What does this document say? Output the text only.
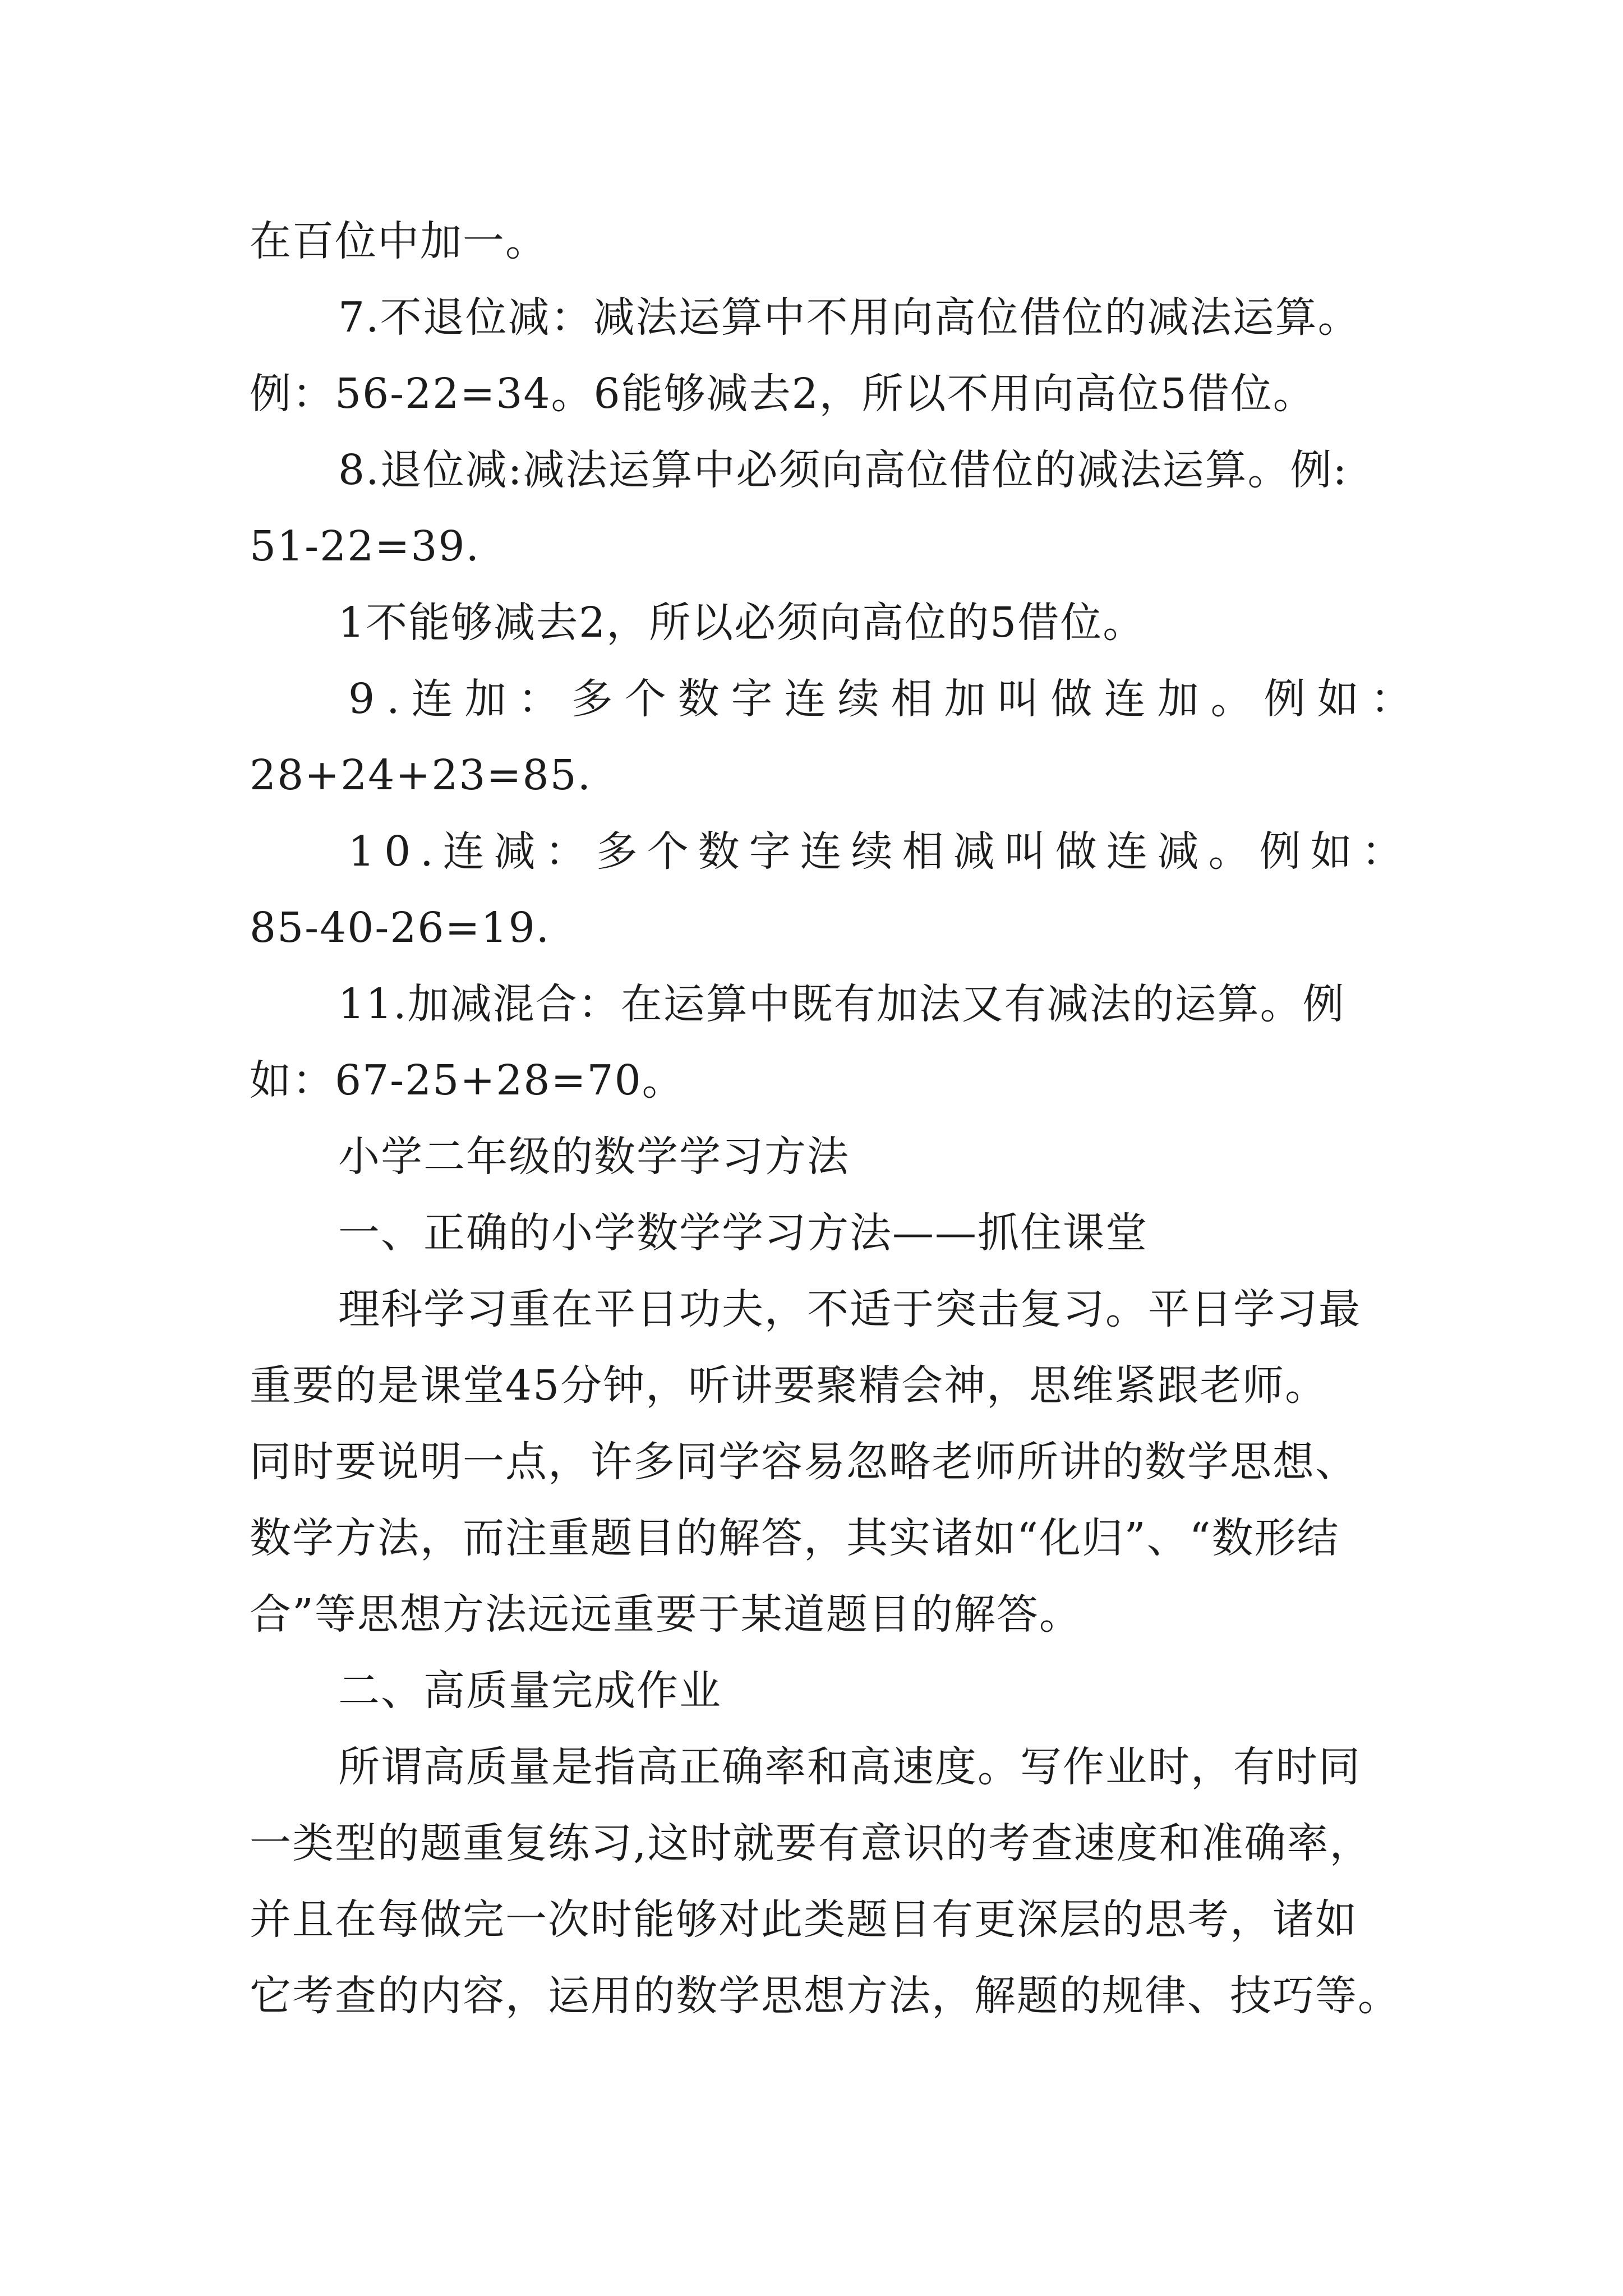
在百位中加一。
7.不退位减：减法运算中不用向高位借位的减法运算。
例：56-22=34。6能够减去2，所以不用向高位5借位。
8.退位减:减法运算中必须向高位借位的减法运算。例:
51-22=39.
1不能够减去2，所以必须向高位的5借位。
9.连加：多个数字连续相加叫做连加。例如：
28+24+23=85.
10.连减：多个数字连续相减叫做连减。例如：
85-40-26=19.
11.加减混合：在运算中既有加法又有减法的运算。例
如：67-25+28=70。
小学二年级的数学学习方法
一、正确的小学数学学习方法——抓住课堂
理科学习重在平日功夫，不适于突击复习。平日学习最
重要的是课堂45分钟，听讲要聚精会神，思维紧跟老师。
同时要说明一点，许多同学容易忽略老师所讲的数学思想、
数学方法，而注重题目的解答，其实诸如“化归”、“数形结
合”等思想方法远远重要于某道题目的解答。
二、高质量完成作业
所谓高质量是指高正确率和高速度。写作业时，有时同
一类型的题重复练习,这时就要有意识的考查速度和准确率，
并且在每做完一次时能够对此类题目有更深层的思考，诸如
它考查的内容，运用的数学思想方法，解题的规律、技巧等。
